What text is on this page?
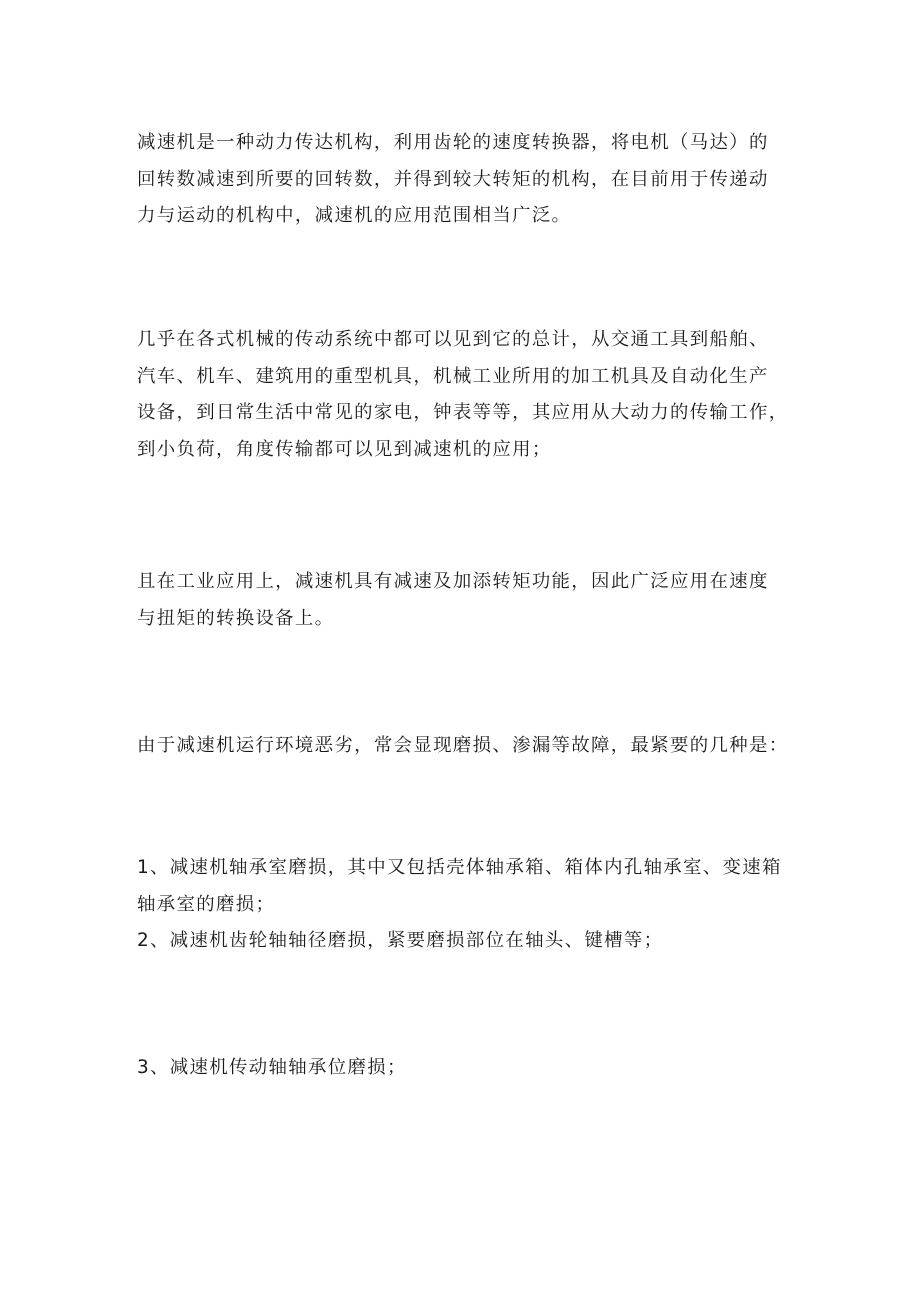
减速机是一种动力传达机构，利用齿轮的速度转换器，将电机（马达）的
回转数减速到所要的回转数，并得到较大转矩的机构，在目前用于传递动
力与运动的机构中，减速机的应用范围相当广泛。

几乎在各式机械的传动系统中都可以见到它的总计，从交通工具到船舶、
汽车、机车、建筑用的重型机具，机械工业所用的加工机具及自动化生产
设备，到日常生活中常见的家电，钟表等等，其应用从大动力的传输工作，
到小负荷，角度传输都可以见到减速机的应用；

且在工业应用上，减速机具有减速及加添转矩功能，因此广泛应用在速度
与扭矩的转换设备上。

由于减速机运行环境恶劣，常会显现磨损、渗漏等故障，最紧要的几种是：

1、减速机轴承室磨损，其中又包括壳体轴承箱、箱体内孔轴承室、变速箱
轴承室的磨损；
2、减速机齿轮轴轴径磨损，紧要磨损部位在轴头、键槽等；

3、减速机传动轴轴承位磨损；
